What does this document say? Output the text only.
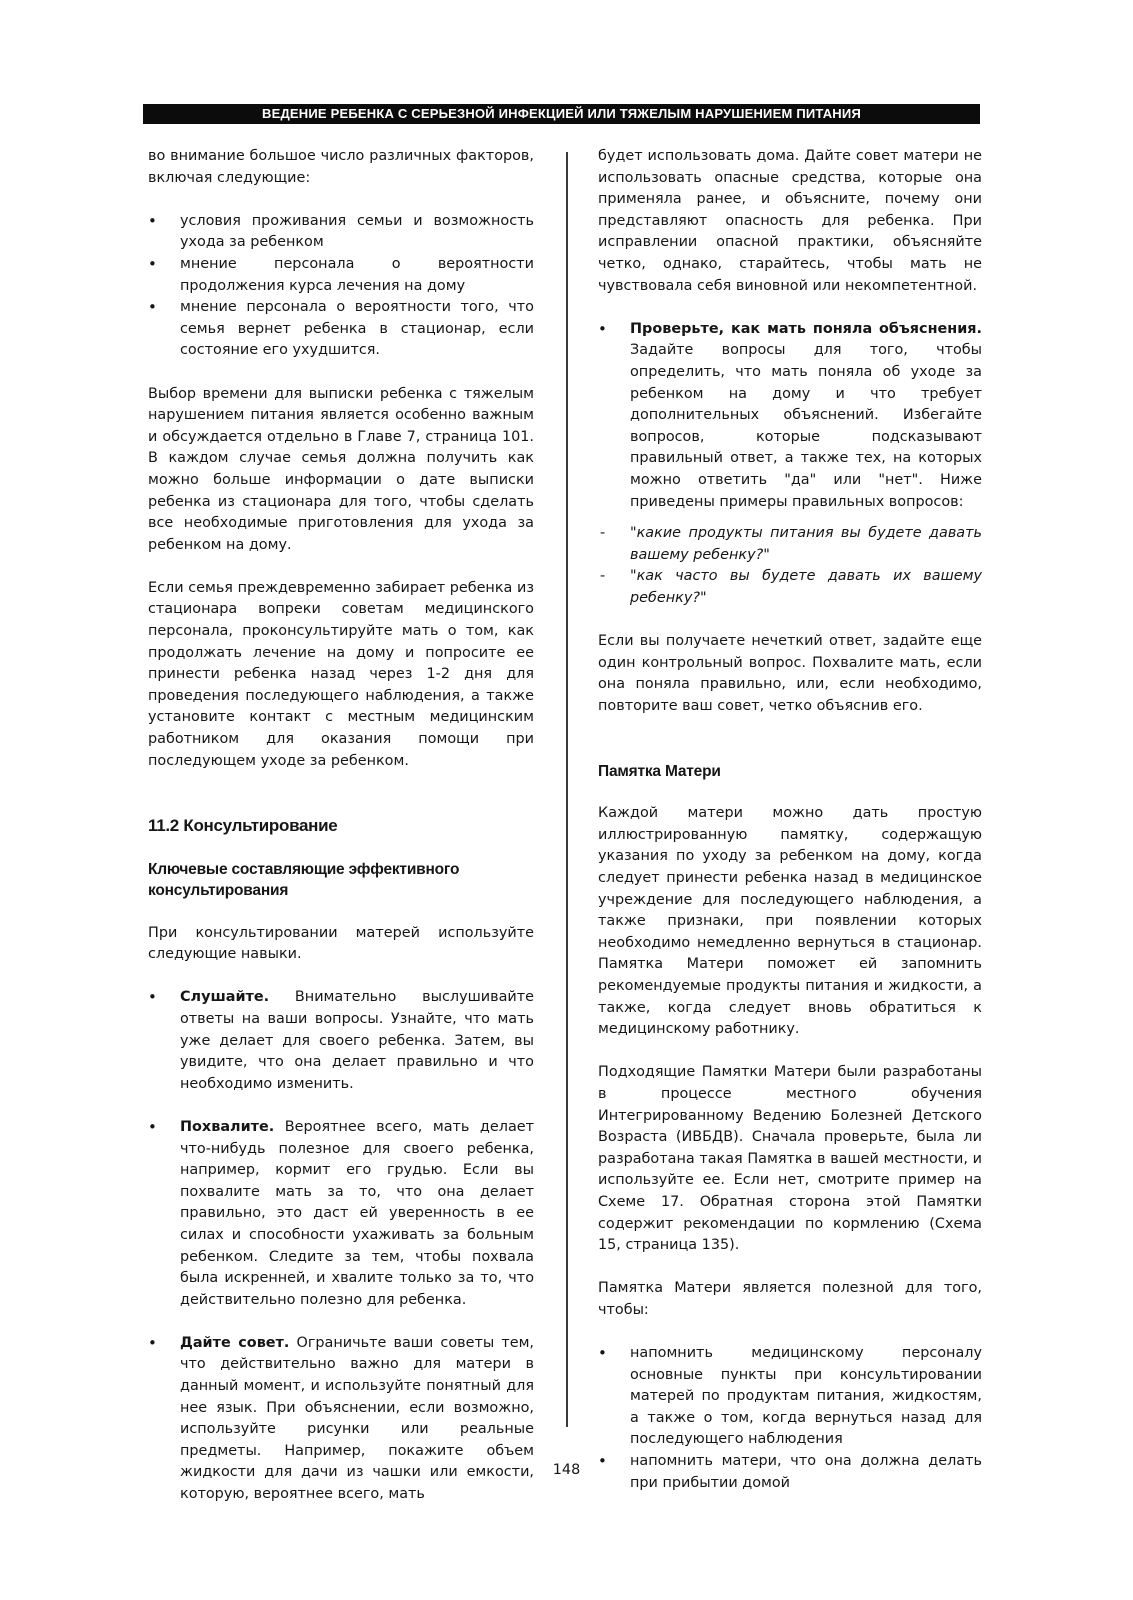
ВЕДЕНИЕ РЕБЕНКА С СЕРЬЕЗНОЙ ИНФЕКЦИЕЙ ИЛИ ТЯЖЕЛЫМ НАРУШЕНИЕМ ПИТАНИЯ

во внимание большое число различных факторов, включая следующие:

• условия проживания семьи и возможность ухода за ребенком
• мнение персонала о вероятности продолжения курса лечения на дому
• мнение персонала о вероятности того, что семья вернет ребенка в стационар, если состояние его ухудшится.

Выбор времени для выписки ребенка с тяжелым нарушением питания является особенно важным и обсуждается отдельно в Главе 7, страница 101. В каждом случае семья должна получить как можно больше информации о дате выписки ребенка из стационара для того, чтобы сделать все необходимые приготовления для ухода за ребенком на дому.

Если семья преждевременно забирает ребенка из стационара вопреки советам медицинского персонала, проконсультируйте мать о том, как продолжать лечение на дому и попросите ее принести ребенка назад через 1-2 дня для проведения последующего наблюдения, а также установите контакт с местным медицинским работником для оказания помощи при последующем уходе за ребенком.

11.2 Консультирование
Ключевые составляющие эффективного консультирования

При консультировании матерей используйте следующие навыки.

• Слушайте. Внимательно выслушивайте ответы на ваши вопросы. Узнайте, что мать уже делает для своего ребенка. Затем, вы увидите, что она делает правильно и что необходимо изменить.
• Похвалите. Вероятнее всего, мать делает что-нибудь полезное для своего ребенка, например, кормит его грудью. Если вы похвалите мать за то, что она делает правильно, это даст ей уверенность в ее силах и способности ухаживать за больным ребенком. Следите за тем, чтобы похвала была искренней, и хвалите только за то, что действительно полезно для ребенка.
• Дайте совет. Ограничьте ваши советы тем, что действительно важно для матери в данный момент, и используйте понятный для нее язык. При объяснении, если возможно, используйте рисунки или реальные предметы. Например, покажите объем жидкости для дачи из чашки или емкости, которую, вероятнее всего, мать

будет использовать дома. Дайте совет матери не использовать опасные средства, которые она применяла ранее, и объясните, почему они представляют опасность для ребенка. При исправлении опасной практики, объясняйте четко, однако, старайтесь, чтобы мать не чувствовала себя виновной или некомпетентной.

• Проверьте, как мать поняла объяснения. Задайте вопросы для того, чтобы определить, что мать поняла об уходе за ребенком на дому и что требует дополнительных объяснений. Избегайте вопросов, которые подсказывают правильный ответ, а также тех, на которых можно ответить "да" или "нет". Ниже приведены примеры правильных вопросов:
- "какие продукты питания вы будете давать вашему ребенку?"
- "как часто вы будете давать их вашему ребенку?"

Если вы получаете нечеткий ответ, задайте еще один контрольный вопрос. Похвалите мать, если она поняла правильно, или, если необходимо, повторите ваш совет, четко объяснив его.

Памятка Матери

Каждой матери можно дать простую иллюстрированную памятку, содержащую указания по уходу за ребенком на дому, когда следует принести ребенка назад в медицинское учреждение для последующего наблюдения, а также признаки, при появлении которых необходимо немедленно вернуться в стационар. Памятка Матери поможет ей запомнить рекомендуемые продукты питания и жидкости, а также, когда следует вновь обратиться к медицинскому работнику.

Подходящие Памятки Матери были разработаны в процессе местного обучения Интегрированному Ведению Болезней Детского Возраста (ИВБДВ). Сначала проверьте, была ли разработана такая Памятка в вашей местности, и используйте ее. Если нет, смотрите пример на Схеме 17. Обратная сторона этой Памятки содержит рекомендации по кормлению (Схема 15, страница 135).

Памятка Матери является полезной для того, чтобы:

• напомнить медицинскому персоналу основные пункты при консультировании матерей по продуктам питания, жидкостям, а также о том, когда вернуться назад для последующего наблюдения
• напомнить матери, что она должна делать при прибытии домой
148
